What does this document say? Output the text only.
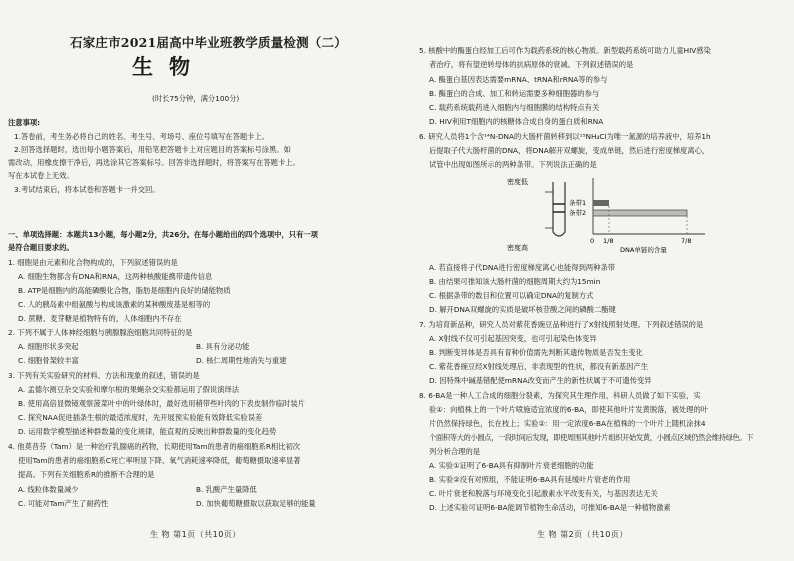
石家庄市2021届高中毕业班教学质量检测（二）
生物
(时长75分钟，满分100分)
注意事项:
1.答卷前，考生务必将自己的姓名、考生号、考场号、座位号填写在答题卡上。
2.回答选择题时，选出每小题答案后，用铅笔把答题卡上对应题目的答案标号涂黑。如
需改动，用橡皮擦干净后，再选涂其它答案标号。回答非选择题时，将答案写在答题卡上。
写在本试卷上无效。
3.考试结束后，将本试卷和答题卡一并交回。
一、单项选择题：本题共13小题，每小题2分，共26分。在每小题给出的四个选项中，只有一项
是符合题目要求的。
1. 细胞是由元素和化合物构成的，下列叙述错误的是
A. 细胞生物都含有DNA和RNA，这两种核酸能携带遗传信息
B. ATP是细胞内的高能磷酸化合物，脂肪是细胞内良好的储能物质
C. 人的胰岛素中组氨酸与构成该激素的某种酸废基是相等的
D. 蔗糖、麦芽糖是植物特有的，人体细胞内不存在
2. 下列不属于人体神经细胞与胰腺腺泡细胞共同特征的是
A. 细胞形状多突起	B. 具有分泌功能
C. 细胞骨架较丰富	D. 核仁周期性地消失与重建
3. 下列有关实验研究的材料、方法和现象的叙述，错误的是
A. 孟德尔测豆杂交实验和摩尔根的果蝇杂交实验都运用了假说演绎法
B. 使用高倍显微镜观察菠菜叶中的叶绿体时，最好选用稍带些叶肉的下表皮制作临时装片
C. 探究NAA促进插条生根的最适浓度时，先开展预实验能有效降低实验误差
D. 运用数学模型描述种群数量的变化规律，能直观的反映出种群数量的变化趋势
4. 他莫昔芬（Tam）是一种治疗乳腺癌的药物，长期使用Tam的患者的癌细胞系R相比初次
使用Tam的患者的癌细胞系C死亡率明显下降、氧气消耗速率降低，葡萄糖摄取速率显著
提高。下列有关细胞系R的推断不合理的是
A. 线粒体数量减少	B. 乳酸产生量降低
C. 可能对Tam产生了耐药性	D. 加快葡萄糖摄取以获取足够的能量
生 物 第1页（共10页）
5. 核酸中的酶蛋白经加工后可作为载药系统的核心物质。新型载药系统可助力儿童HIV感染
者治疗，将有望逆转母体的抗病原体的衰减。下列叙述错误的是
A. 酶蛋白基因表达需要mRNA、tRNA和rRNA等的参与
B. 酶蛋白的合成、加工和转运需要多种细胞器的参与
C. 载药系统载药进入细胞内与细胞膜的结构特点有关
D. HIV利用T细胞内的核糖体合成自身的蛋白质和RNA
6. 研究人员将1个含¹⁴N-DNA的大肠杆菌转移到以¹⁵NH₄Cl为唯一氮源的培养液中，培养1h
后提取子代大肠杆菌的DNA，将DNA解开双螺旋，变成单链，然后进行密度梯度离心，
试管中出现如图所示的两种条带。下列说法正确的是
密度低
密度高
条带1
条带2
0 1/8	7/8
DNA单链的含量
A. 若直接将子代DNA进行密度梯度离心也能得到两种条带
B. 由结果可推知该大肠杆菌的细胞周期大约为15min
C. 根据条带的数目和位置可以确定DNA的复制方式
D. 解开DNA双螺旋的实质是破坏核苷酸之间的磷酸二酯键
7. 为培育新品种，研究人员对紫花香豌豆品种进行了X射线照射处理。下列叙述错误的是
A. X射线不仅可引起基因突变，也可引起染色体变异
B. 判断变异体是否具有育种价值需先判断其遗传物质是否发生变化
C. 紫花香豌豆经X射线处理后，非表现型的性状，都没有新基因产生
D. 因特殊中碱基错配使mRNA改变而产生的新性状属于不可遗传变异
8. 6-BA是一种人工合成的细胞分裂素，为探究其生理作用，科研人员做了如下实验，实
验①：向植株上的一个叶片喷施适宜浓度的6-BA，即使其他叶片发黄脱落，被处理的叶
片仍然保持绿色，长在枝上；实验②：用一定浓度6-BA在植株的一个叶片上随机涂抹4
个面积等大的小圆点，一段时间后发现，即使周围其他叶片组织开始发黄，小圆点区域仍然会维持绿色。下
列分析合理的是
A. 实验①证明了6-BA具有抑制叶片衰老细胞的功能
B. 实验②没有对照组，不能证明6-BA具有延缓叶片衰老的作用
C. 叶片衰老和脱落与环境变化引起激素水平改变有关，与基因表达无关
D. 上述实验可证明6-BA能调节植物生命活动，可推知6-BA是一种植物激素
生 物 第2页（共10页）
